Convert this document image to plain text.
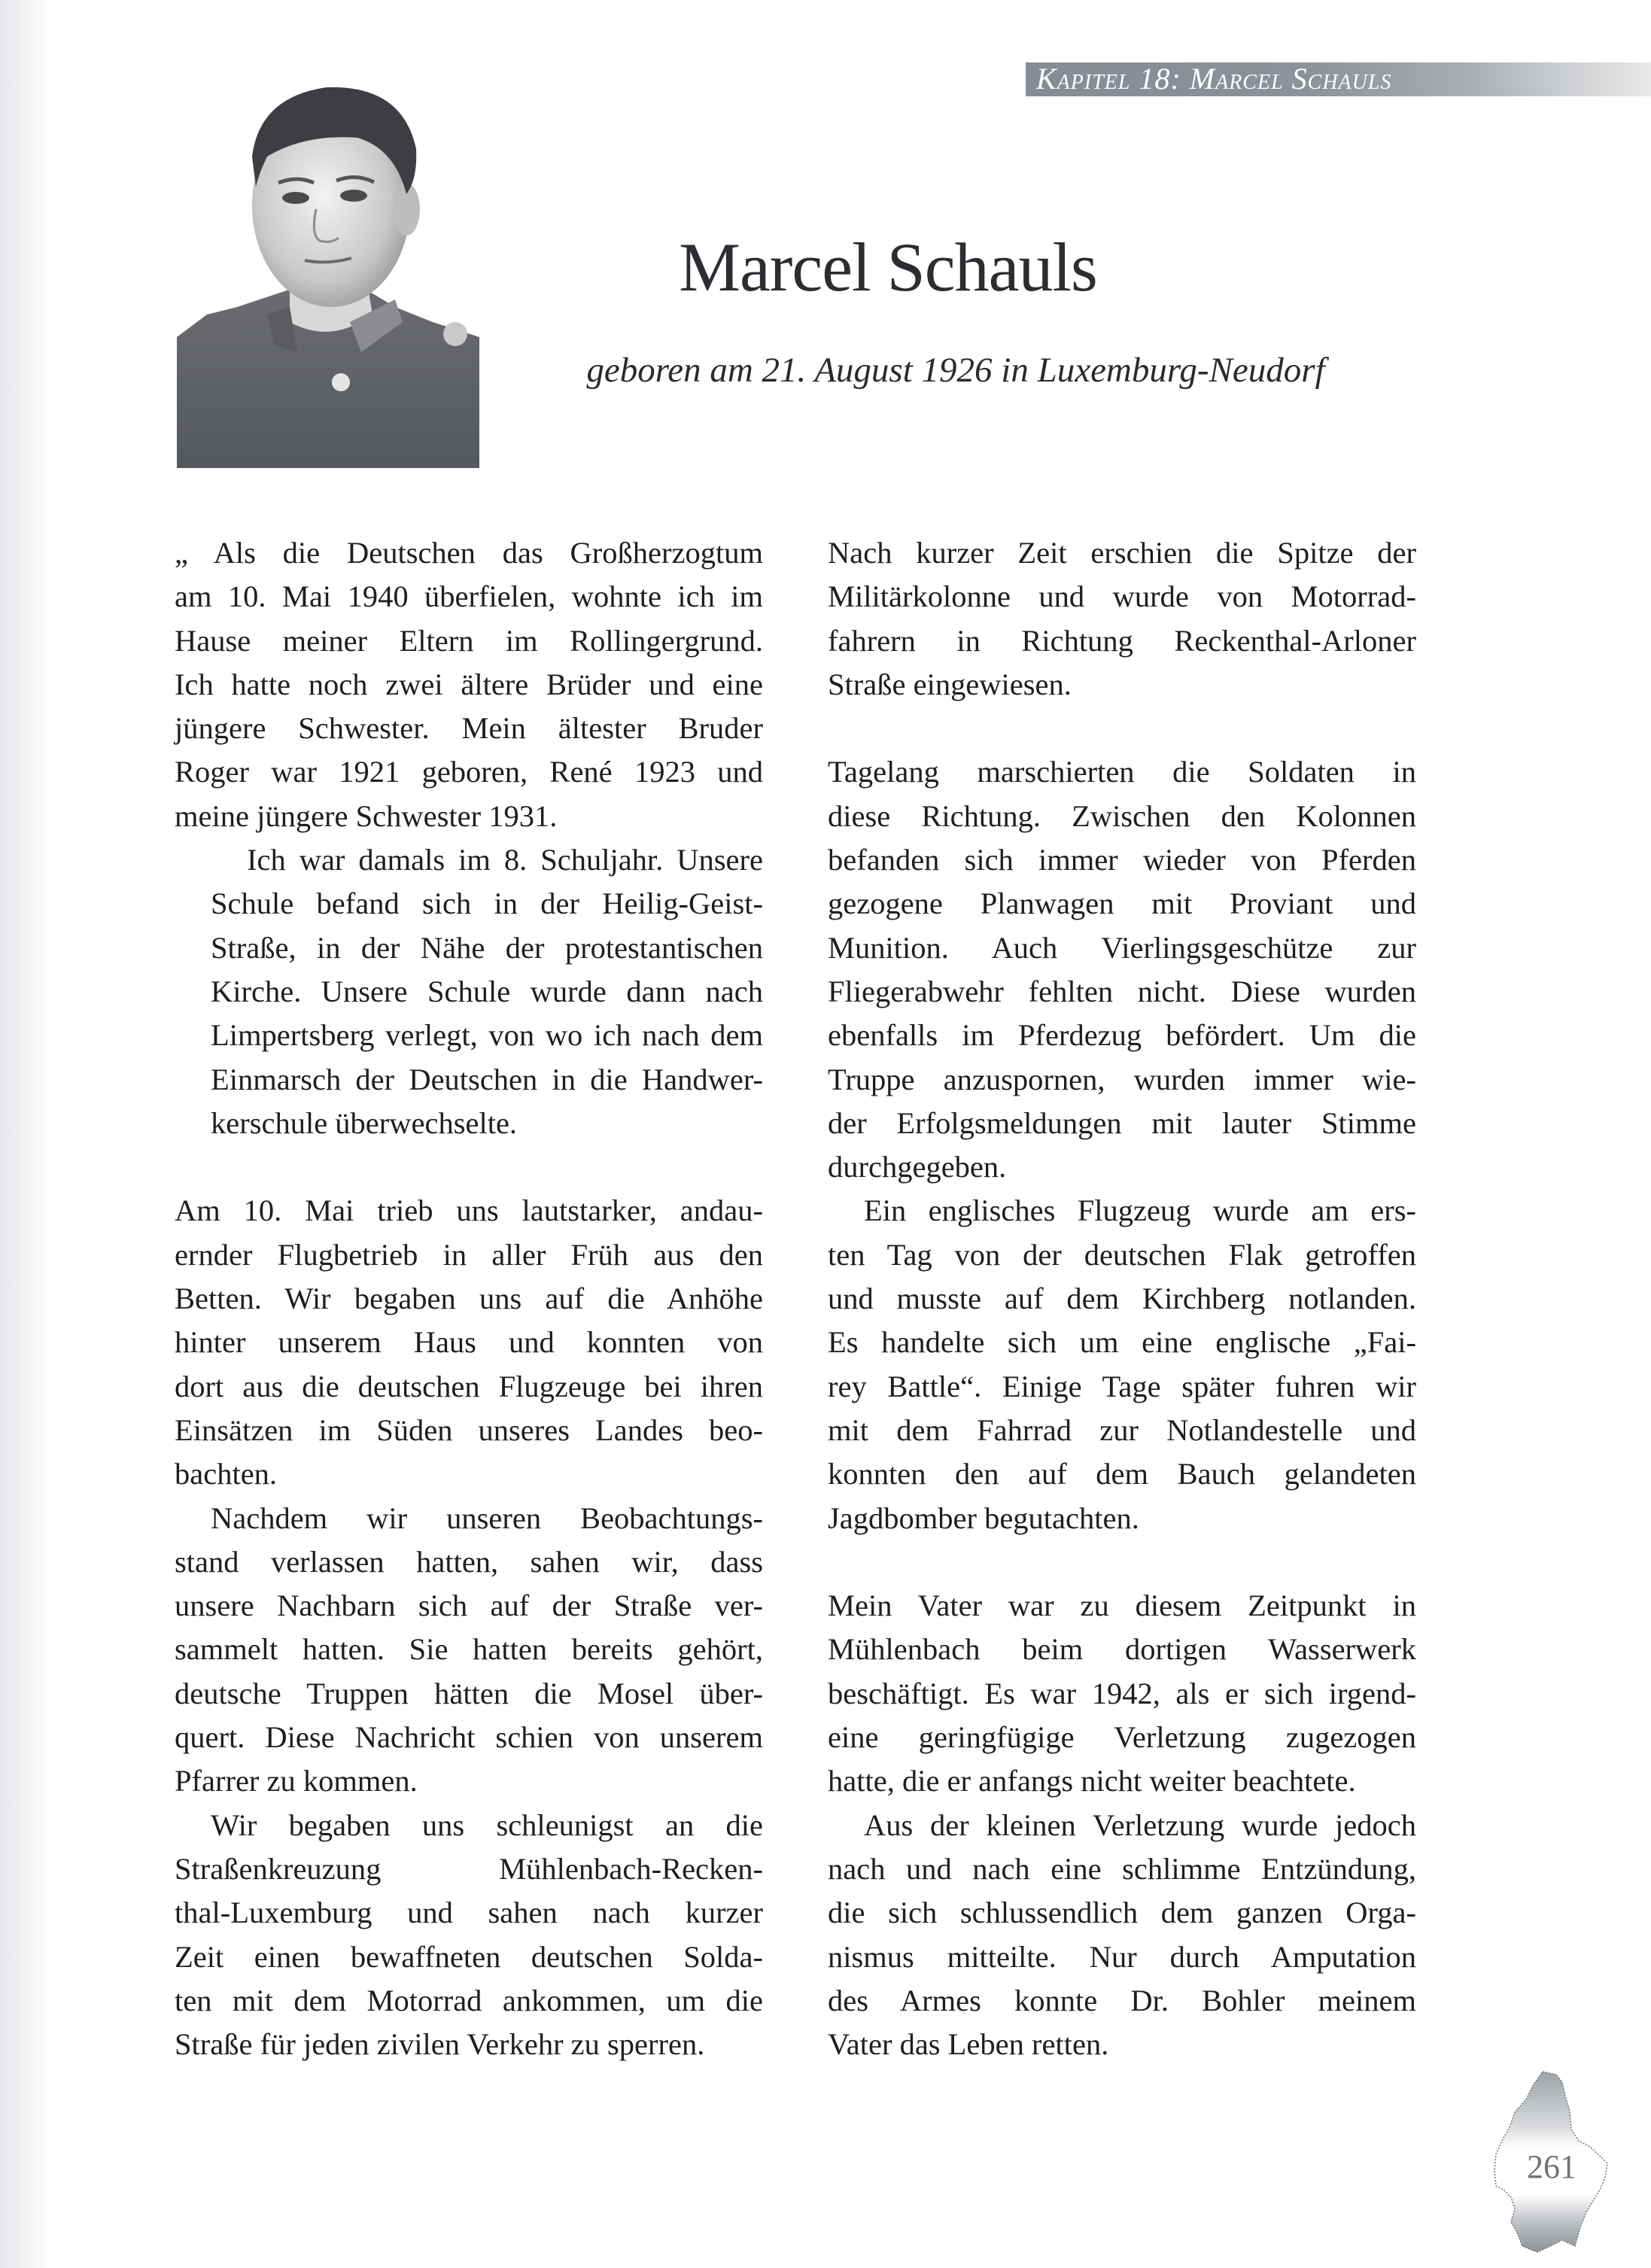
Kapitel 18: Marcel Schauls
Marcel Schauls
geboren am 21. August 1926 in Luxemburg-Neudorf

„ Als die Deutschen das Großherzogtum
am 10. Mai 1940 überfielen, wohnte ich im
Hause meiner Eltern im Rollingergrund.
Ich hatte noch zwei ältere Brüder und eine
jüngere Schwester. Mein ältester Bruder
Roger war 1921 geboren, René 1923 und
meine jüngere Schwester 1931.

Ich war damals im 8. Schuljahr. Unsere
Schule befand sich in der Heilig-Geist-
Straße, in der Nähe der protestantischen
Kirche. Unsere Schule wurde dann nach
Limpertsberg verlegt, von wo ich nach dem
Einmarsch der Deutschen in die Handwer-
kerschule überwechselte.

Am 10. Mai trieb uns lautstarker, andau-
ernder Flugbetrieb in aller Früh aus den
Betten. Wir begaben uns auf die Anhöhe
hinter unserem Haus und konnten von
dort aus die deutschen Flugzeuge bei ihren
Einsätzen im Süden unseres Landes beo-
bachten.

Nachdem wir unseren Beobachtungs-
stand verlassen hatten, sahen wir, dass
unsere Nachbarn sich auf der Straße ver-
sammelt hatten. Sie hatten bereits gehört,
deutsche Truppen hätten die Mosel über-
quert. Diese Nachricht schien von unserem
Pfarrer zu kommen.

Wir begaben uns schleunigst an die
Straßenkreuzung Mühlenbach-Recken-
thal-Luxemburg und sahen nach kurzer
Zeit einen bewaffneten deutschen Solda-
ten mit dem Motorrad ankommen, um die
Straße für jeden zivilen Verkehr zu sperren.

Nach kurzer Zeit erschien die Spitze der
Militärkolonne und wurde von Motorrad-
fahrern in Richtung Reckenthal-Arloner
Straße eingewiesen.

Tagelang marschierten die Soldaten in
diese Richtung. Zwischen den Kolonnen
befanden sich immer wieder von Pferden
gezogene Planwagen mit Proviant und
Munition. Auch Vierlingsgeschütze zur
Fliegerabwehr fehlten nicht. Diese wurden
ebenfalls im Pferdezug befördert. Um die
Truppe anzuspornen, wurden immer wie-
der Erfolgsmeldungen mit lauter Stimme
durchgegeben.

Ein englisches Flugzeug wurde am ers-
ten Tag von der deutschen Flak getroffen
und musste auf dem Kirchberg notlanden.
Es handelte sich um eine englische „Fai-
rey Battle“. Einige Tage später fuhren wir
mit dem Fahrrad zur Notlandestelle und
konnten den auf dem Bauch gelandeten
Jagdbomber begutachten.

Mein Vater war zu diesem Zeitpunkt in
Mühlenbach beim dortigen Wasserwerk
beschäftigt. Es war 1942, als er sich irgend-
eine geringfügige Verletzung zugezogen
hatte, die er anfangs nicht weiter beachtete.

Aus der kleinen Verletzung wurde jedoch
nach und nach eine schlimme Entzündung,
die sich schlussendlich dem ganzen Orga-
nismus mitteilte. Nur durch Amputation
des Armes konnte Dr. Bohler meinem
Vater das Leben retten.

261
